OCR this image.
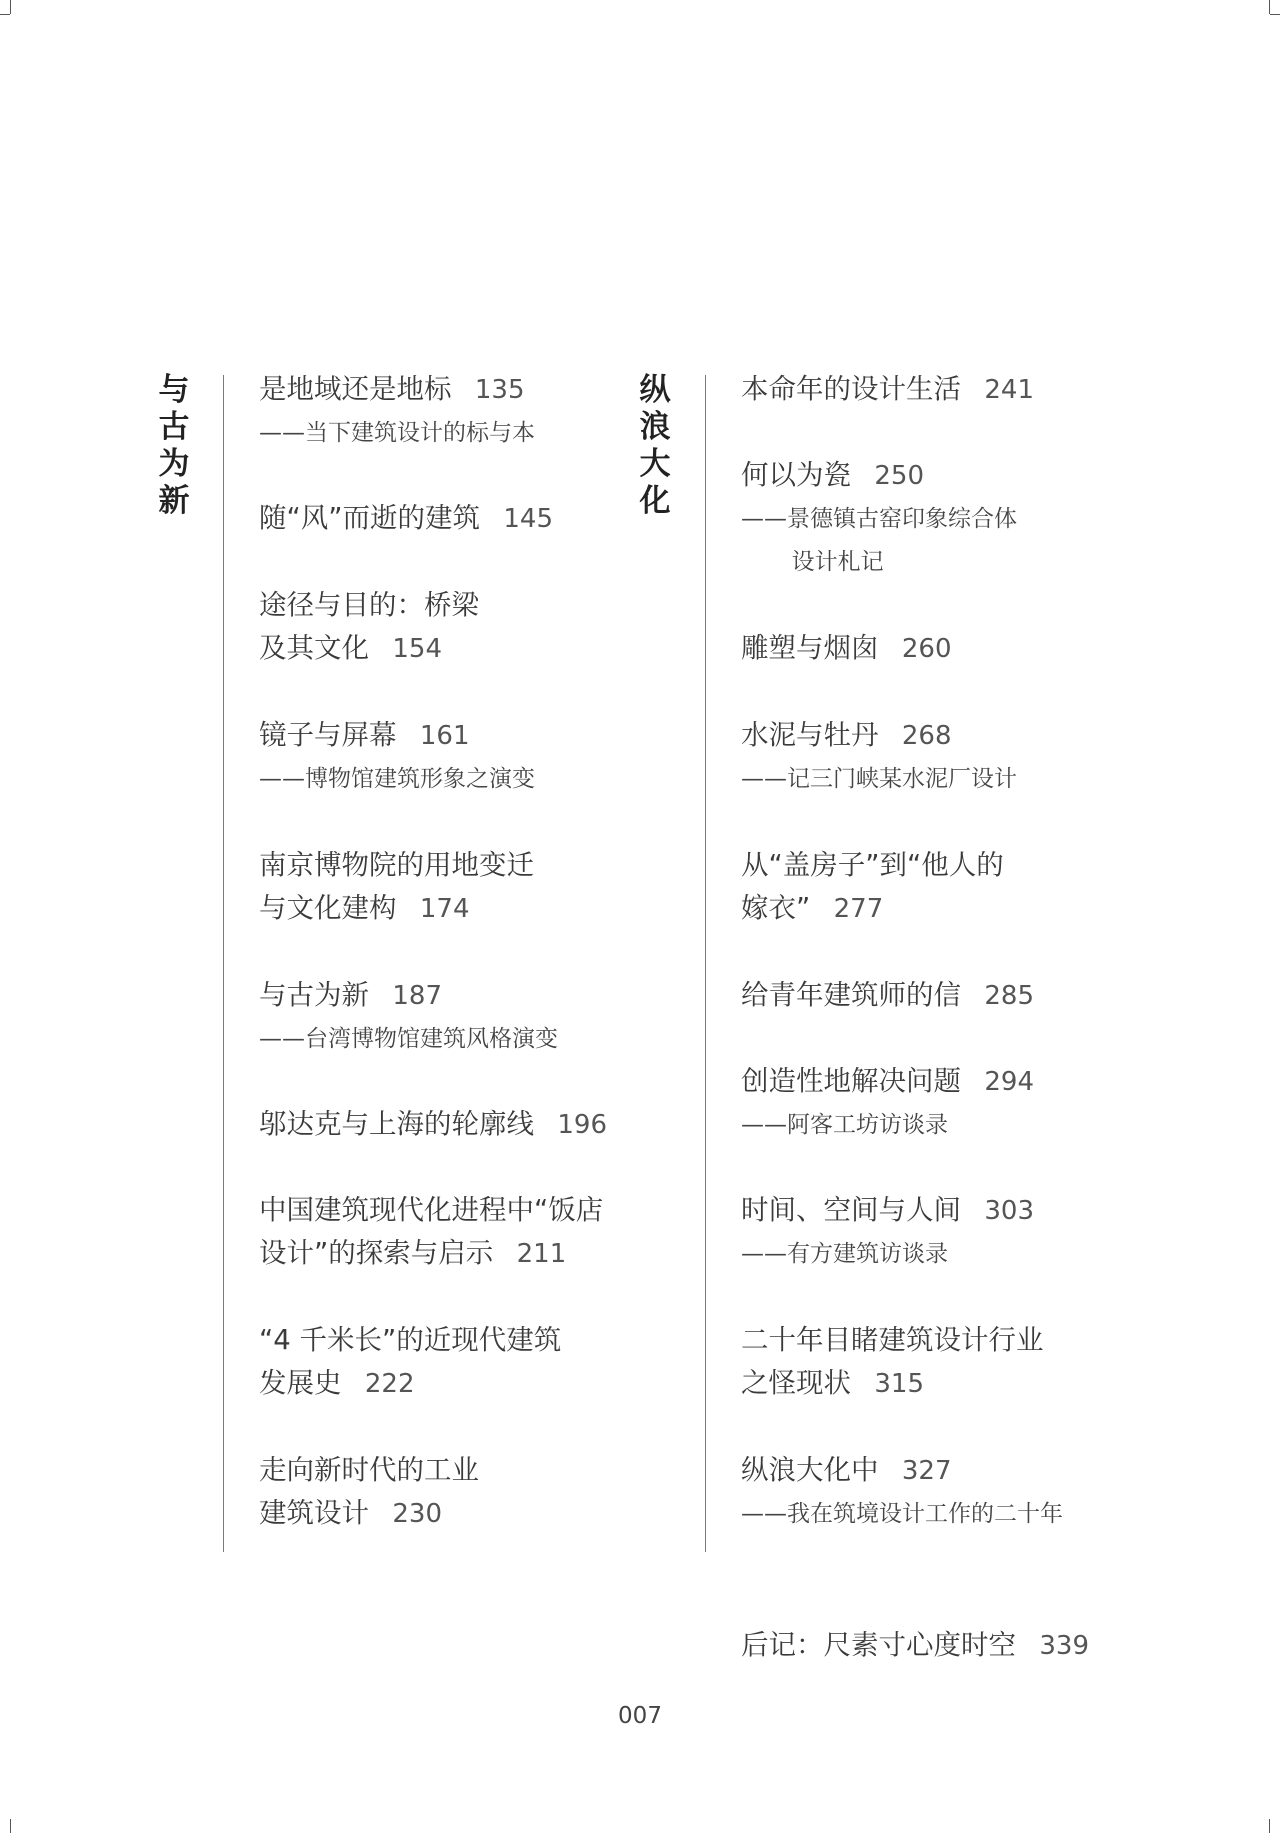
与
古
为
新
纵
浪
大
化
是地域还是地标 135
——当下建筑设计的标与本
随“风”而逝的建筑 145
途径与目的：桥梁
及其文化 154
镜子与屏幕 161
——博物馆建筑形象之演变
南京博物院的用地变迁
与文化建构 174
与古为新 187
——台湾博物馆建筑风格演变
邬达克与上海的轮廓线 196
中国建筑现代化进程中“饭店
设计”的探索与启示 211
“4 千米长”的近现代建筑
发展史 222
走向新时代的工业
建筑设计 230
本命年的设计生活 241
何以为瓷 250
——景德镇古窑印象综合体
设计札记
雕塑与烟囱 260
水泥与牡丹 268
——记三门峡某水泥厂设计
从“盖房子”到“他人的
嫁衣” 277
给青年建筑师的信 285
创造性地解决问题 294
——阿客工坊访谈录
时间、空间与人间 303
——有方建筑访谈录
二十年目睹建筑设计行业
之怪现状 315
纵浪大化中 327
——我在筑境设计工作的二十年
后记：尺素寸心度时空 339
007
